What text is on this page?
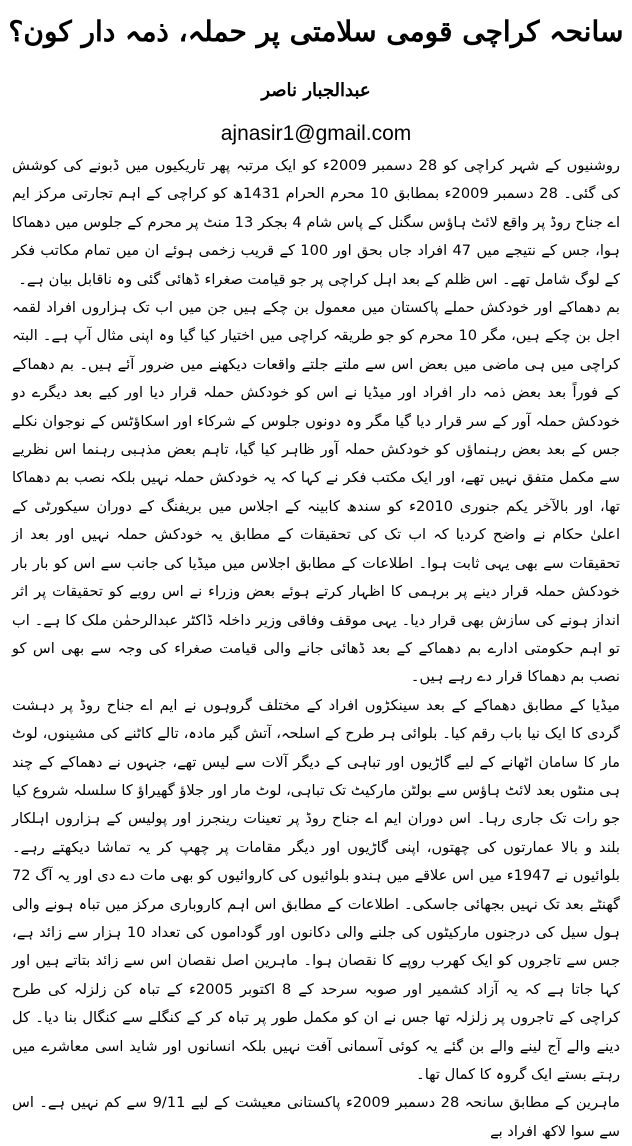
سانحہ کراچی قومی سلامتی پر حملہ، ذمہ دار کون؟
عبدالجبار ناصر
ajnasir1@gmail.com

روشنیوں کے شہر کراچی کو 28 دسمبر 2009ء کو ایک مرتبہ پھر تاریکیوں میں ڈبونے کی کوشش کی گئی۔ 28 دسمبر 2009ء بمطابق 10 محرم الحرام 1431ھ کو کراچی کے اہم تجارتی مرکز ایم اے جناح روڈ پر واقع لائٹ ہاؤس سگنل کے پاس شام 4 بجکر 13 منٹ پر محرم کے جلوس میں دھماکا ہوا، جس کے نتیجے میں 47 افراد جاں بحق اور 100 کے قریب زخمی ہوئے ان میں تمام مکاتب فکر کے لوگ شامل تھے۔ اس ظلم کے بعد اہل کراچی پر جو قیامت صغراء ڈھائی گئی وہ ناقابل بیان ہے۔

بم دھماکے اور خودکش حملے پاکستان میں معمول بن چکے ہیں جن میں اب تک ہزاروں افراد لقمہ اجل بن چکے ہیں، مگر 10 محرم کو جو طریقہ کراچی میں اختیار کیا گیا وہ اپنی مثال آپ ہے۔ البتہ کراچی میں ہی ماضی میں بعض اس سے ملتے جلتے واقعات دیکھنے میں ضرور آئے ہیں۔ بم دھماکے کے فوراً بعد بعض ذمہ دار افراد اور میڈیا نے اس کو خودکش حملہ قرار دیا اور کیے بعد دیگرے دو خودکش حملہ آور کے سر قرار دیا گیا مگر وہ دونوں جلوس کے شرکاء اور اسکاؤٹس کے نوجوان نکلے جس کے بعد بعض رہنماؤں کو خودکش حملہ آور ظاہر کیا گیا، تاہم بعض مذہبی رہنما اس نظریے سے مکمل متفق نہیں تھے، اور ایک مکتب فکر نے کہا کہ یہ خودکش حملہ نہیں بلکہ نصب بم دھماکا تھا، اور بالآخر یکم جنوری 2010ء کو سندھ کابینہ کے اجلاس میں بریفنگ کے دوران سیکورٹی کے اعلیٰ حکام نے واضح کردیا کہ اب تک کی تحقیقات کے مطابق یہ خودکش حملہ نہیں اور بعد از تحقیقات سے بھی یہی ثابت ہوا۔ اطلاعات کے مطابق اجلاس میں میڈیا کی جانب سے اس کو بار بار خودکش حملہ قرار دینے پر برہمی کا اظہار کرتے ہوئے بعض وزراء نے اس رویے کو تحقیقات پر اثر انداز ہونے کی سازش بھی قرار دیا۔ یہی موقف وفاقی وزیر داخلہ ڈاکٹر عبدالرحمٰن ملک کا ہے۔ اب تو اہم حکومتی ادارے بم دھماکے کے بعد ڈھائی جانے والی قیامت صغراء کی وجہ سے بھی اس کو نصب بم دھماکا قرار دے رہے ہیں۔

میڈیا کے مطابق دھماکے کے بعد سینکڑوں افراد کے مختلف گروہوں نے ایم اے جناح روڈ پر دہشت گردی کا ایک نیا باب رقم کیا۔ بلوائی ہر طرح کے اسلحہ، آتش گیر مادہ، تالے کاٹنے کی مشینوں، لوٹ مار کا سامان اٹھانے کے لیے گاڑیوں اور تباہی کے دیگر آلات سے لیس تھے، جنہوں نے دھماکے کے چند ہی منٹوں بعد لائٹ ہاؤس سے بولٹن مارکیٹ تک تباہی، لوٹ مار اور جلاؤ گھیراؤ کا سلسلہ شروع کیا جو رات تک جاری رہا۔ اس دوران ایم اے جناح روڈ پر تعینات رینجرز اور پولیس کے ہزاروں اہلکار بلند و بالا عمارتوں کی چھتوں، اپنی گاڑیوں اور دیگر مقامات پر چھپ کر یہ تماشا دیکھتے رہے۔ بلوائیوں نے 1947ء میں اس علاقے میں ہندو بلوائیوں کی کاروائیوں کو بھی مات دے دی اور یہ آگ 72 گھنٹے بعد تک نہیں بجھائی جاسکی۔ اطلاعات کے مطابق اس اہم کاروباری مرکز میں تباہ ہونے والی ہول سیل کی درجنوں مارکیٹوں کی جلنے والی دکانوں اور گوداموں کی تعداد 10 ہزار سے زائد ہے، جس سے تاجروں کو ایک کھرب روپے کا نقصان ہوا۔ ماہرین اصل نقصان اس سے زائد بتاتے ہیں اور کہا جاتا ہے کہ یہ آزاد کشمیر اور صوبہ سرحد کے 8 اکتوبر 2005ء کے تباہ کن زلزلہ کی طرح کراچی کے تاجروں پر زلزلہ تھا جس نے ان کو مکمل طور پر تباہ کر کے کنگلے سے کنگال بنا دیا۔ کل دینے والے آج لینے والے بن گئے یہ کوئی آسمانی آفت نہیں بلکہ انسانوں اور شاید اسی معاشرے میں رہتے بستے ایک گروہ کا کمال تھا۔

ماہرین کے مطابق سانحہ 28 دسمبر 2009ء پاکستانی معیشت کے لیے 9/11 سے کم نہیں ہے۔ اس سے سوا لاکھ افراد بے
